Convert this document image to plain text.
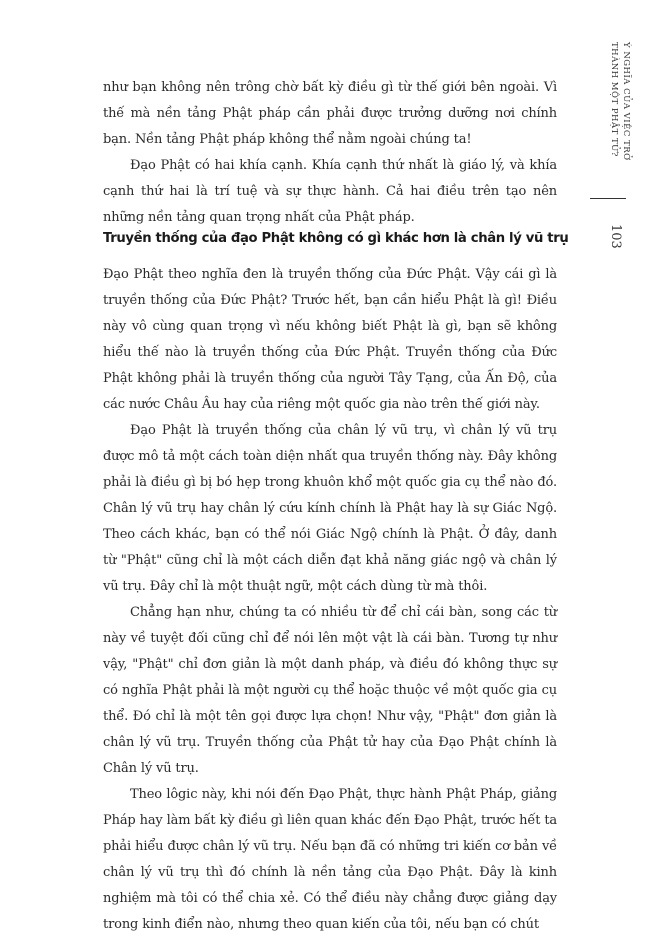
như bạn không nên trông chờ bất kỳ điều gì từ thế giới bên ngoài. Vì thế mà nền tảng Phật pháp cần phải được trưởng dưỡng nơi chính bạn. Nền tảng Phật pháp không thể nằm ngoài chúng ta!

Đạo Phật có hai khía cạnh. Khía cạnh thứ nhất là giáo lý, và khía cạnh thứ hai là trí tuệ và sự thực hành. Cả hai điều trên tạo nên những nền tảng quan trọng nhất của Phật pháp.

Truyền thống của đạo Phật không có gì khác hơn là chân lý vũ trụ

Đạo Phật theo nghĩa đen là truyền thống của Đức Phật. Vậy cái gì là truyền thống của Đức Phật? Trước hết, bạn cần hiểu Phật là gì! Điều này vô cùng quan trọng vì nếu không biết Phật là gì, bạn sẽ không hiểu thế nào là truyền thống của Đức Phật. Truyền thống của Đức Phật không phải là truyền thống của người Tây Tạng, của Ấn Độ, của các nước Châu Âu hay của riêng một quốc gia nào trên thế giới này.

Đạo Phật là truyền thống của chân lý vũ trụ, vì chân lý vũ trụ được mô tả một cách toàn diện nhất qua truyền thống này. Đây không phải là điều gì bị bó hẹp trong khuôn khổ một quốc gia cụ thể nào đó. Chân lý vũ trụ hay chân lý cứu kính chính là Phật hay là sự Giác Ngộ. Theo cách khác, bạn có thể nói Giác Ngộ chính là Phật. Ở đây, danh từ "Phật" cũng chỉ là một cách diễn đạt khả năng giác ngộ và chân lý vũ trụ. Đây chỉ là một thuật ngữ, một cách dùng từ mà thôi.

Chẳng hạn như, chúng ta có nhiều từ để chỉ cái bàn, song các từ này về tuyệt đối cũng chỉ để nói lên một vật là cái bàn. Tương tự như vậy, "Phật" chỉ đơn giản là một danh pháp, và điều đó không thực sự có nghĩa Phật phải là một người cụ thể hoặc thuộc về một quốc gia cụ thể. Đó chỉ là một tên gọi được lựa chọn! Như vậy, "Phật" đơn giản là chân lý vũ trụ. Truyền thống của Phật tử hay của Đạo Phật chính là Chân lý vũ trụ.

Theo lôgic này, khi nói đến Đạo Phật, thực hành Phật Pháp, giảng Pháp hay làm bất kỳ điều gì liên quan khác đến Đạo Phật, trước hết ta phải hiểu được chân lý vũ trụ. Nếu bạn đã có những tri kiến cơ bản về chân lý vũ trụ thì đó chính là nền tảng của Đạo Phật. Đây là kinh nghiệm mà tôi có thể chia xẻ. Có thể điều này chẳng được giảng dạy trong kinh điển nào, nhưng theo quan kiến của tôi, nếu bạn có chút

Ý NGHĨA CỦA VIỆC TRỞ
THÀNH MỘT PHẬT TỬ?
103
